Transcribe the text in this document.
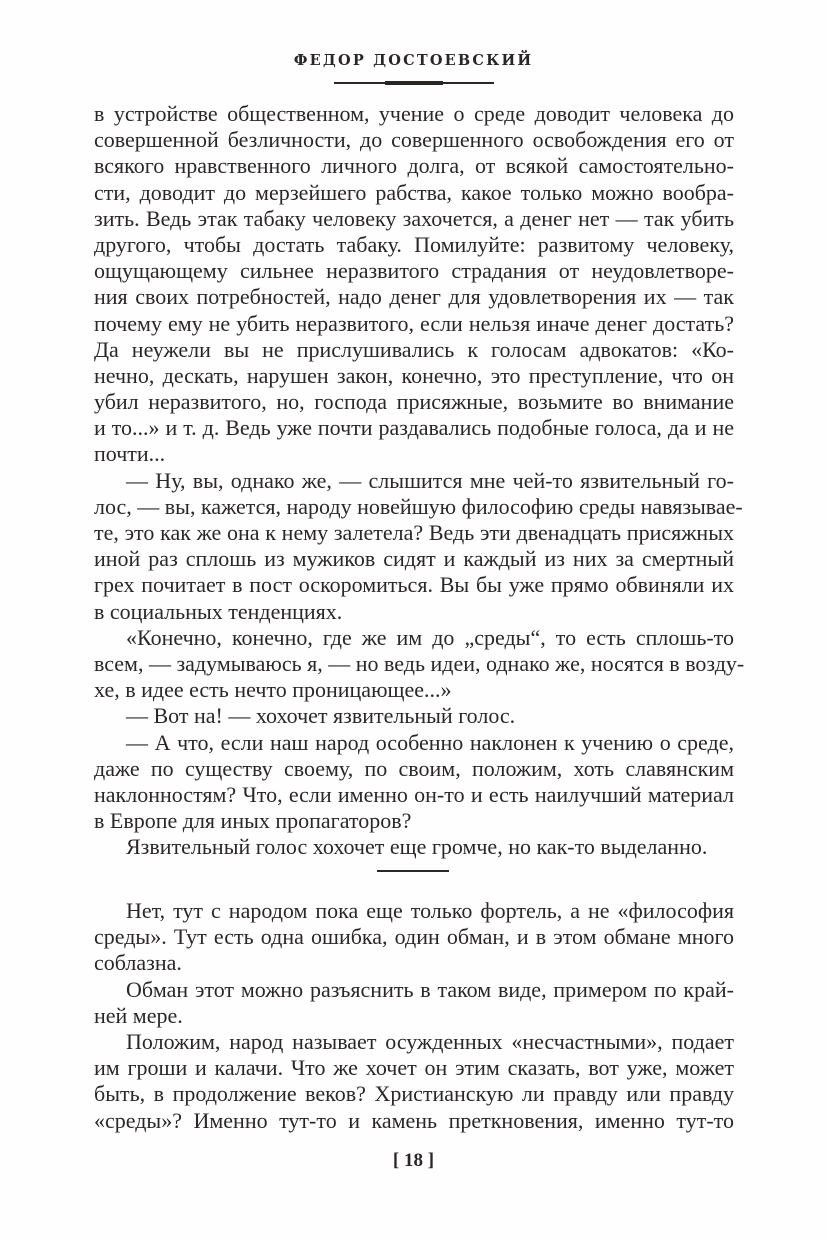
ФЕДОР ДОСТОЕВСКИЙ
в устройстве общественном, учение о среде доводит человека до
совершенной безличности, до совершенного освобождения его от
всякого нравственного личного долга, от всякой самостоятельно-
сти, доводит до мерзейшего рабства, какое только можно вообра-
зить. Ведь этак табаку человеку захочется, а денег нет — так убить
другого, чтобы достать табаку. Помилуйте: развитому человеку,
ощущающему сильнее неразвитого страдания от неудовлетворе-
ния своих потребностей, надо денег для удовлетворения их — так
почему ему не убить неразвитого, если нельзя иначе денег достать?
Да неужели вы не прислушивались к голосам адвокатов: «Ко-
нечно, дескать, нарушен закон, конечно, это преступление, что он
убил неразвитого, но, господа присяжные, возьмите во внимание
и то...» и т. д. Ведь уже почти раздавались подобные голоса, да и не
почти...
— Ну, вы, однако же, — слышится мне чей-то язвительный го-
лос, — вы, кажется, народу новейшую философию среды навязывае-
те, это как же она к нему залетела? Ведь эти двенадцать присяжных
иной раз сплошь из мужиков сидят и каждый из них за смертный
грех почитает в пост оскоромиться. Вы бы уже прямо обвиняли их
в социальных тенденциях.
«Конечно, конечно, где же им до „среды“, то есть сплошь-то
всем, — задумываюсь я, — но ведь идеи, однако же, носятся в возду-
хе, в идее есть нечто проницающее...»
— Вот на! — хохочет язвительный голос.
— А что, если наш народ особенно наклонен к учению о среде,
даже по существу своему, по своим, положим, хоть славянским
наклонностям? Что, если именно он-то и есть наилучший материал
в Европе для иных пропагаторов?
Язвительный голос хохочет еще громче, но как-то выделанно.
Нет, тут с народом пока еще только фортель, а не «философия
среды». Тут есть одна ошибка, один обман, и в этом обмане много
соблазна.
Обман этот можно разъяснить в таком виде, примером по край-
ней мере.
Положим, народ называет осужденных «несчастными», подает
им гроши и калачи. Что же хочет он этим сказать, вот уже, может
быть, в продолжение веков? Христианскую ли правду или правду
«среды»? Именно тут-то и камень преткновения, именно тут-то
[ 18 ]
